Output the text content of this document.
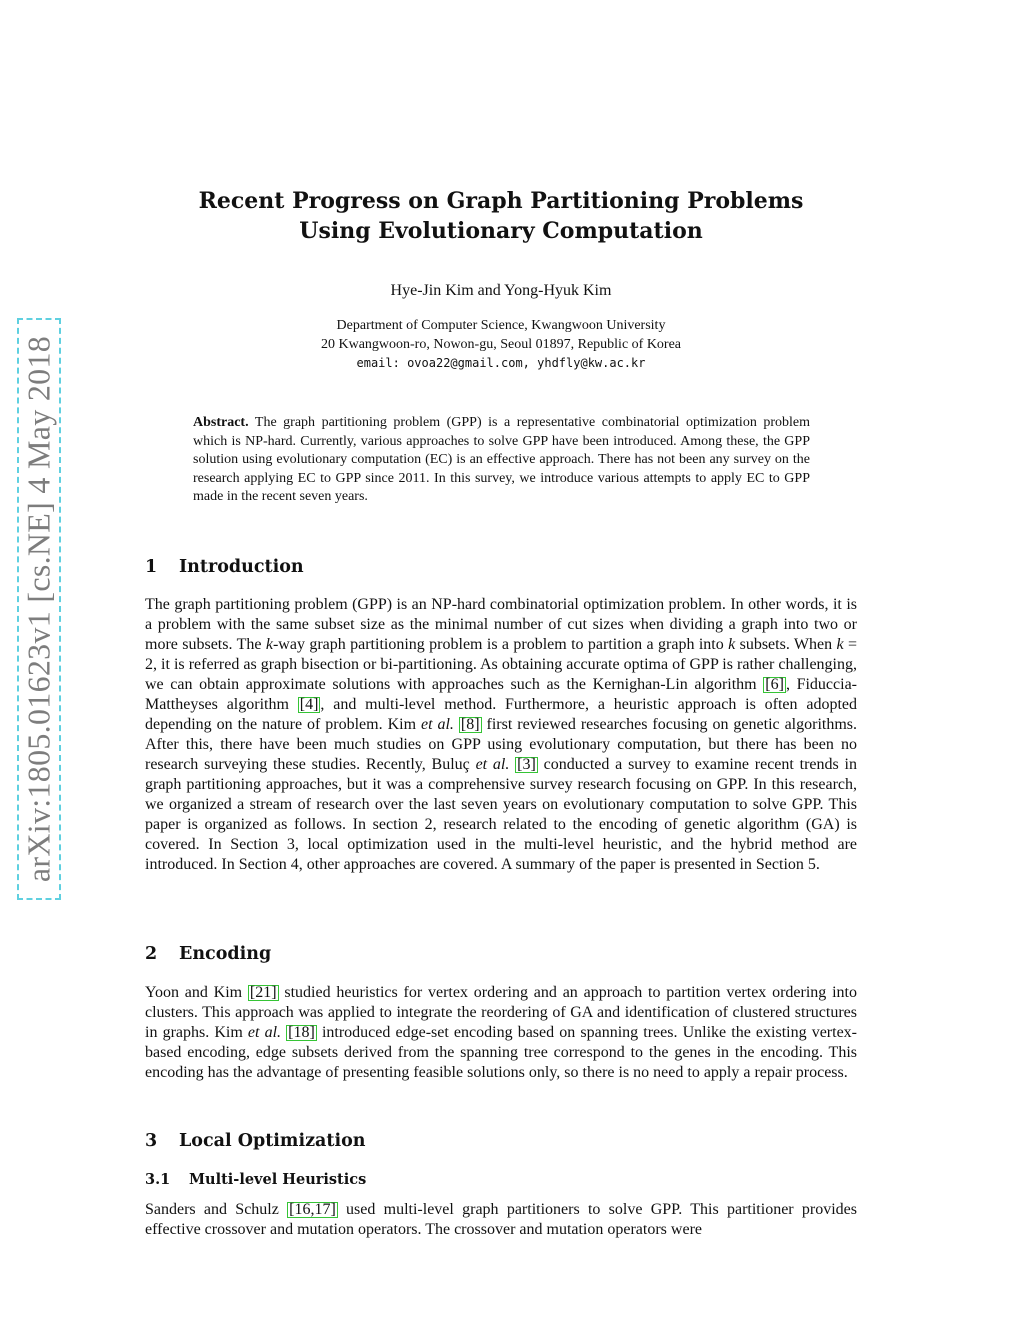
arXiv:1805.01623v1 [cs.NE] 4 May 2018
Recent Progress on Graph Partitioning Problems
Using Evolutionary Computation
Hye-Jin Kim and Yong-Hyuk Kim
Department of Computer Science, Kwangwoon University
20 Kwangwoon-ro, Nowon-gu, Seoul 01897, Republic of Korea
email: ovoa22@gmail.com, yhdfly@kw.ac.kr

Abstract. The graph partitioning problem (GPP) is a representative combinatorial optimization problem which is NP-hard. Currently, various approaches to solve GPP have been introduced. Among these, the GPP solution using evolutionary computation (EC) is an effective approach. There has not been any survey on the research applying EC to GPP since 2011. In this survey, we introduce various attempts to apply EC to GPP made in the recent seven years.

1 Introduction

The graph partitioning problem (GPP) is an NP-hard combinatorial optimization problem. In other words, it is a problem with the same subset size as the minimal number of cut sizes when dividing a graph into two or more subsets. The k-way graph partitioning problem is a problem to partition a graph into k subsets. When k = 2, it is referred as graph bisection or bi-partitioning. As obtaining accurate optima of GPP is rather challenging, we can obtain approximate solutions with approaches such as the Kernighan-Lin algorithm [6] , Fiduccia-Mattheyses algorithm [4] , and multi-level method. Furthermore, a heuristic approach is often adopted depending on the nature of problem. Kim et al. [8] first reviewed researches focusing on genetic algorithms. After this, there have been much studies on GPP using evolutionary computation, but there has been no research surveying these studies. Recently, Buluç et al. [3] conducted a survey to examine recent trends in graph partitioning approaches, but it was a comprehensive survey research focusing on GPP. In this research, we organized a stream of research over the last seven years on evolutionary computation to solve GPP. This paper is organized as follows. In section 2, research related to the encoding of genetic algorithm (GA) is covered. In Section 3, local optimization used in the multi-level heuristic, and the hybrid method are introduced. In Section 4, other approaches are covered. A summary of the paper is presented in Section 5.

2 Encoding

Yoon and Kim [21] studied heuristics for vertex ordering and an approach to partition vertex ordering into clusters. This approach was applied to integrate the reordering of GA and identification of clustered structures in graphs. Kim et al. [18] introduced edge-set encoding based on spanning trees. Unlike the existing vertex-based encoding, edge subsets derived from the spanning tree correspond to the genes in the encoding. This encoding has the advantage of presenting feasible solutions only, so there is no need to apply a repair process.

3 Local Optimization
3.1 Multi-level Heuristics

Sanders and Schulz [16,17] used multi-level graph partitioners to solve GPP. This partitioner provides effective crossover and mutation operators. The crossover and mutation operators were
